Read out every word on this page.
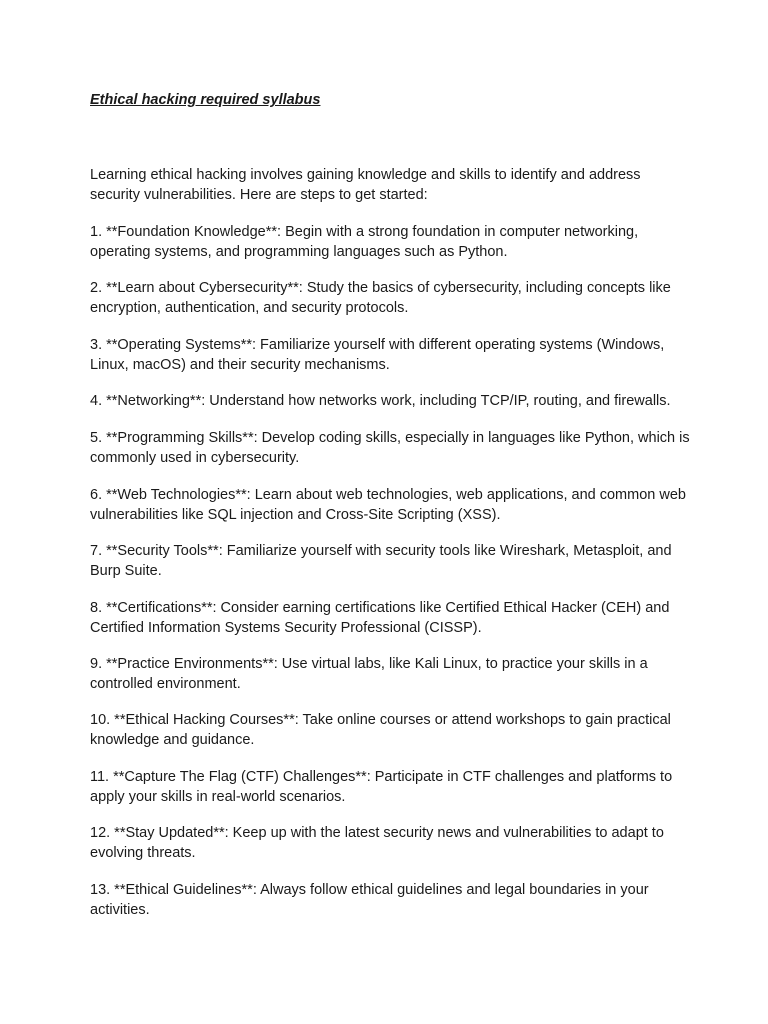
Ethical hacking required syllabus

Learning ethical hacking involves gaining knowledge and skills to identify and address security vulnerabilities. Here are steps to get started:

1. **Foundation Knowledge**: Begin with a strong foundation in computer networking, operating systems, and programming languages such as Python.

2. **Learn about Cybersecurity**: Study the basics of cybersecurity, including concepts like encryption, authentication, and security protocols.

3. **Operating Systems**: Familiarize yourself with different operating systems (Windows, Linux, macOS) and their security mechanisms.

4. **Networking**: Understand how networks work, including TCP/IP, routing, and firewalls.

5. **Programming Skills**: Develop coding skills, especially in languages like Python, which is commonly used in cybersecurity.

6. **Web Technologies**: Learn about web technologies, web applications, and common web vulnerabilities like SQL injection and Cross-Site Scripting (XSS).

7. **Security Tools**: Familiarize yourself with security tools like Wireshark, Metasploit, and Burp Suite.

8. **Certifications**: Consider earning certifications like Certified Ethical Hacker (CEH) and Certified Information Systems Security Professional (CISSP).

9. **Practice Environments**: Use virtual labs, like Kali Linux, to practice your skills in a controlled environment.

10. **Ethical Hacking Courses**: Take online courses or attend workshops to gain practical knowledge and guidance.

11. **Capture The Flag (CTF) Challenges**: Participate in CTF challenges and platforms to apply your skills in real-world scenarios.

12. **Stay Updated**: Keep up with the latest security news and vulnerabilities to adapt to evolving threats.

13. **Ethical Guidelines**: Always follow ethical guidelines and legal boundaries in your activities.
